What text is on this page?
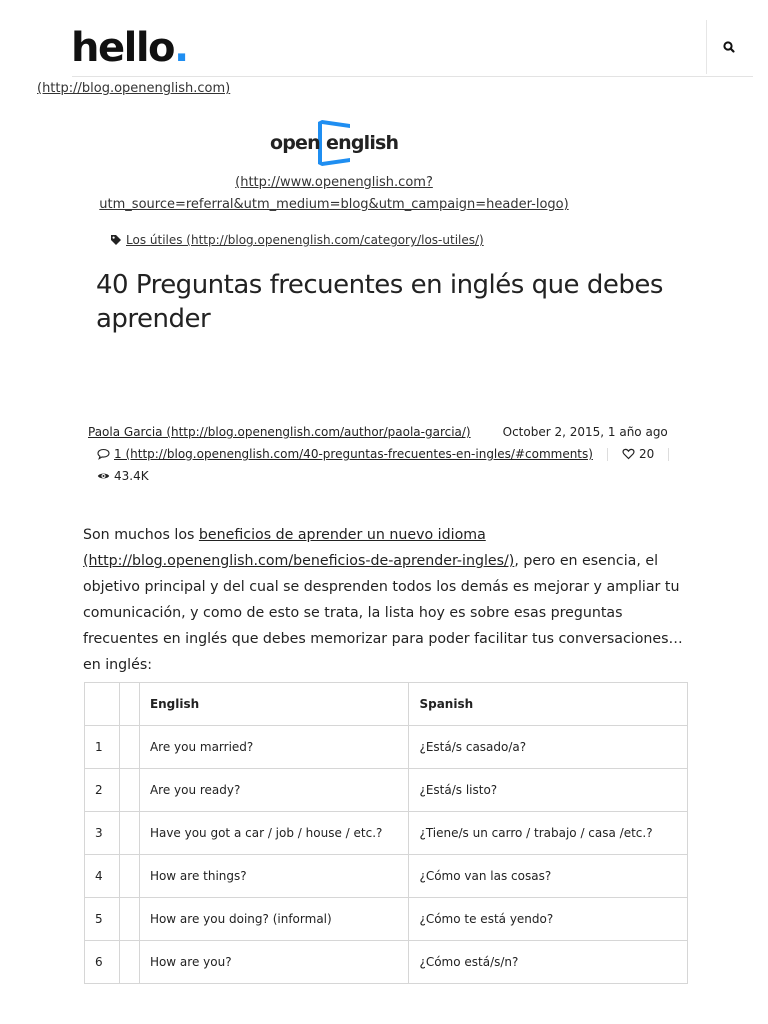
hello.
(http://blog.openenglish.com)
open english
(http://www.openenglish.com?utm_source=referral&utm_medium=blog&utm_campaign=header-logo)
Los útiles (http://blog.openenglish.com/category/los-utiles/)
40 Preguntas frecuentes en inglés que debes aprender
Paola Garcia (http://blog.openenglish.com/author/paola-garcia/)	October 2, 2015, 1 año ago
1 (http://blog.openenglish.com/40-preguntas-frecuentes-en-ingles/#comments)	20
43.4K

Son muchos los beneficios de aprender un nuevo idioma (http://blog.openenglish.com/beneficios-de-aprender-ingles/), pero en esencia, el objetivo principal y del cual se desprenden todos los demás es mejorar y ampliar tu comunicación, y como de esto se trata, la lista hoy es sobre esas preguntas frecuentes en inglés que debes memorizar para poder facilitar tus conversaciones… en inglés:

		English	Spanish
1		Are you married?	¿Está/s casado/a?
2		Are you ready?	¿Está/s listo?
3		Have you got a car / job / house / etc.?	¿Tiene/s un carro / trabajo / casa /etc.?
4		How are things?	¿Cómo van las cosas?
5		How are you doing? (informal)	¿Cómo te está yendo?
6		How are you?	¿Cómo está/s/n?
